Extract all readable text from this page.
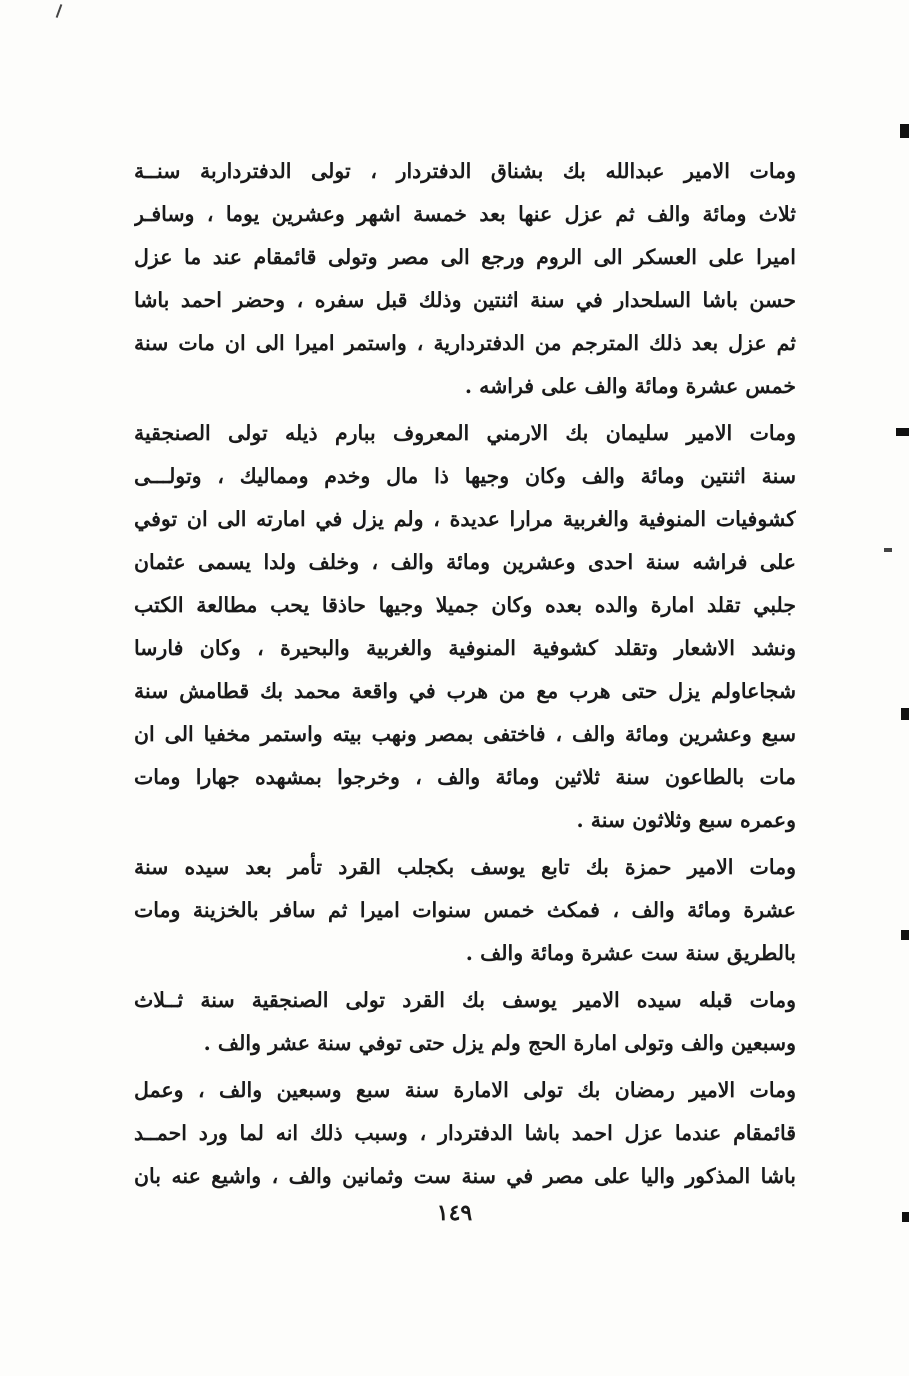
ومات الامير عبدالله بك بشناق الدفتردار ، تولى الدفترداربة سنــة
ثلاث ومائة والف ثم عزل عنها بعد خمسة اشهر وعشرين يوما ، وسافـر
اميرا على العسكر الى الروم ورجع الى مصر وتولى قائمقام عند ما عزل
حسن باشا السلحدار في سنة اثنتين وذلك قبل سفره ، وحضر احمد باشا
ثم عزل بعد ذلك المترجم من الدفتردارية ، واستمر اميرا الى ان مات سنة
خمس عشرة ومائة والف على فراشه .
ومات الامير سليمان بك الارمني المعروف ببارم ذيله تولى الصنجقية
سنة اثنتين ومائة والف وكان وجيها ذا مال وخدم ومماليك ، وتولـــى
كشوفيات المنوفية والغربية مرارا عديدة ، ولم يزل في امارته الى ان توفي
على فراشه سنة احدى وعشرين ومائة والف ، وخلف ولدا يسمى عثمان
جلبي تقلد امارة والده بعده وكان جميلا وجيها حاذقا يحب مطالعة الكتب
ونشد الاشعار وتقلد كشوفية المنوفية والغربية والبحيرة ، وكان فارسا
شجاعاولم يزل حتى هرب مع من هرب في واقعة محمد بك قطامش سنة
سبع وعشرين ومائة والف ، فاختفى بمصر ونهب بيته واستمر مخفيا الى ان
مات بالطاعون سنة ثلاثين ومائة والف ، وخرجوا بمشهده جهارا ومات
وعمره سبع وثلاثون سنة .
ومات الامير حمزة بك تابع يوسف بكجلب القرد تأمر بعد سيده سنة
عشرة ومائة والف ، فمكث خمس سنوات اميرا ثم سافر بالخزينة ومات
بالطريق سنة ست عشرة ومائة والف .
ومات قبله سيده الامير يوسف بك القرد تولى الصنجقية سنة ثــلاث
وسبعين والف وتولى امارة الحج ولم يزل حتى توفي سنة عشر والف .
ومات الامير رمضان بك تولى الامارة سنة سبع وسبعين والف ، وعمل
قائمقام عندما عزل احمد باشا الدفتردار ، وسبب ذلك انه لما ورد احمــد
باشا المذكور واليا على مصر في سنة ست وثمانين والف ، واشيع عنه بان
١٤٩
